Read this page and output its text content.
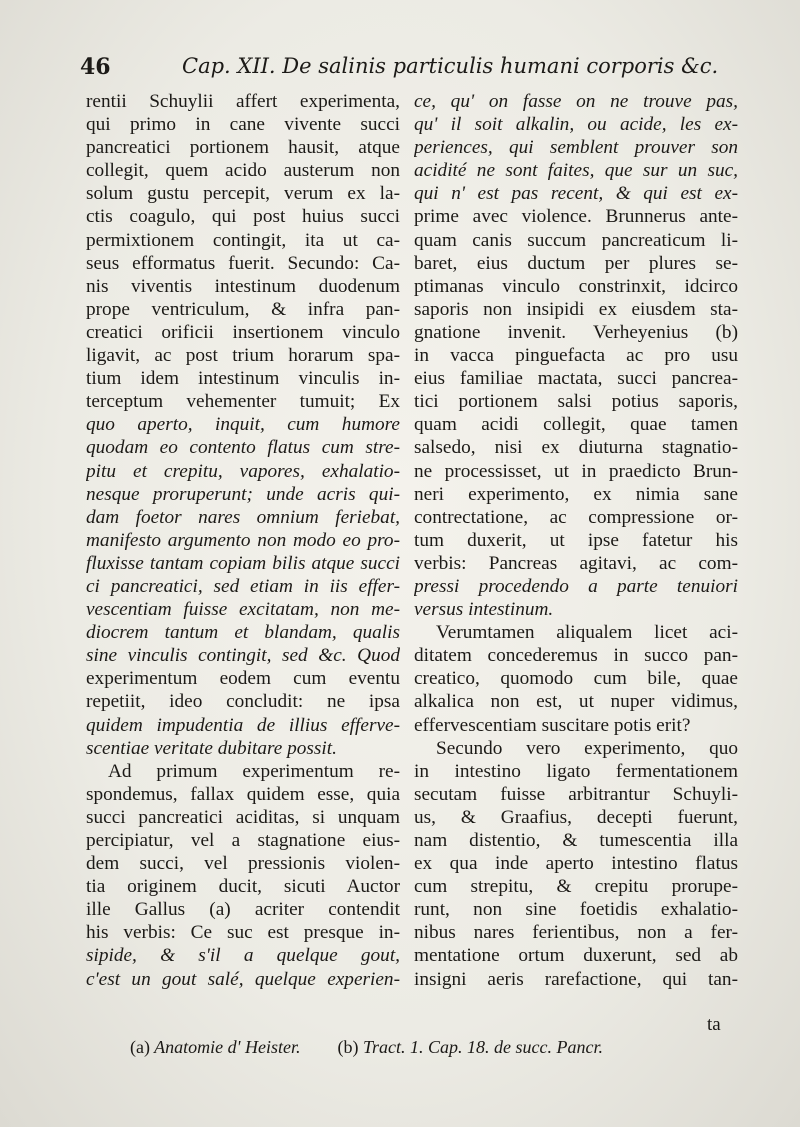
46	Cap. XII. De salinis particulis humani corporis &c.
rentii Schuylii affert experimenta,
qui primo in cane vivente succi
pancreatici portionem hausit, atque
collegit, quem acido austerum non
solum gustu percepit, verum ex la-
ctis coagulo, qui post huius succi
permixtionem contingit, ita ut ca-
seus efformatus fuerit. Secundo: Ca-
nis viventis intestinum duodenum
prope ventriculum, & infra pan-
creatici orificii insertionem vinculo
ligavit, ac post trium horarum spa-
tium idem intestinum vinculis in-
terceptum vehementer tumuit; Ex
quo aperto, inquit, cum humore
quodam eo contento flatus cum stre-
pitu et crepitu, vapores, exhalatio-
nesque proruperunt; unde acris qui-
dam foetor nares omnium feriebat,
manifesto argumento non modo eo pro-
fluxisse tantam copiam bilis atque succi
ci pancreatici, sed etiam in iis effer-
vescentiam fuisse excitatam, non me-
diocrem tantum et blandam, qualis
sine vinculis contingit, sed &c. Quod
experimentum eodem cum eventu
repetiit, ideo concludit: ne ipsa
quidem impudentia de illius efferve-
scentiae veritate dubitare possit.
Ad primum experimentum re-
spondemus, fallax quidem esse, quia
succi pancreatici aciditas, si unquam
percipiatur, vel a stagnatione eius-
dem succi, vel pressionis violen-
tia originem ducit, sicuti Auctor
ille Gallus (a) acriter contendit
his verbis: Ce suc est presque in-
sipide, & s'il a quelque gout,
c'est un gout salé, quelque experien-
ce, qu' on fasse on ne trouve pas,
qu' il soit alkalin, ou acide, les ex-
periences, qui semblent prouver son
acidité ne sont faites, que sur un suc,
qui n' est pas recent, & qui est ex-
prime avec violence. Brunnerus ante-
quam canis succum pancreaticum li-
baret, eius ductum per plures se-
ptimanas vinculo constrinxit, idcirco
saporis non insipidi ex eiusdem sta-
gnatione invenit. Verheyenius (b)
in vacca pinguefacta ac pro usu
eius familiae mactata, succi pancrea-
tici portionem salsi potius saporis,
quam acidi collegit, quae tamen
salsedo, nisi ex diuturna stagnatio-
ne processisset, ut in praedicto Brun-
neri experimento, ex nimia sane
contrectatione, ac compressione or-
tum duxerit, ut ipse fatetur his
verbis: Pancreas agitavi, ac com-
pressi procedendo a parte tenuiori
versus intestinum.
Verumtamen aliqualem licet aci-
ditatem concederemus in succo pan-
creatico, quomodo cum bile, quae
alkalica non est, ut nuper vidimus,
effervescentiam suscitare potis erit?
Secundo vero experimento, quo
in intestino ligato fermentationem
secutam fuisse arbitrantur Schuyli-
us, & Graafius, decepti fuerunt,
nam distentio, & tumescentia illa
ex qua inde aperto intestino flatus
cum strepitu, & crepitu prorupe-
runt, non sine foetidis exhalatio-
nibus nares ferientibus, non a fer-
mentatione ortum duxerunt, sed ab
insigni aeris rarefactione, qui tan-
ta
(a) Anatomie d' Heister. (b) Tract. 1. Cap. 18. de succ. Pancr.
